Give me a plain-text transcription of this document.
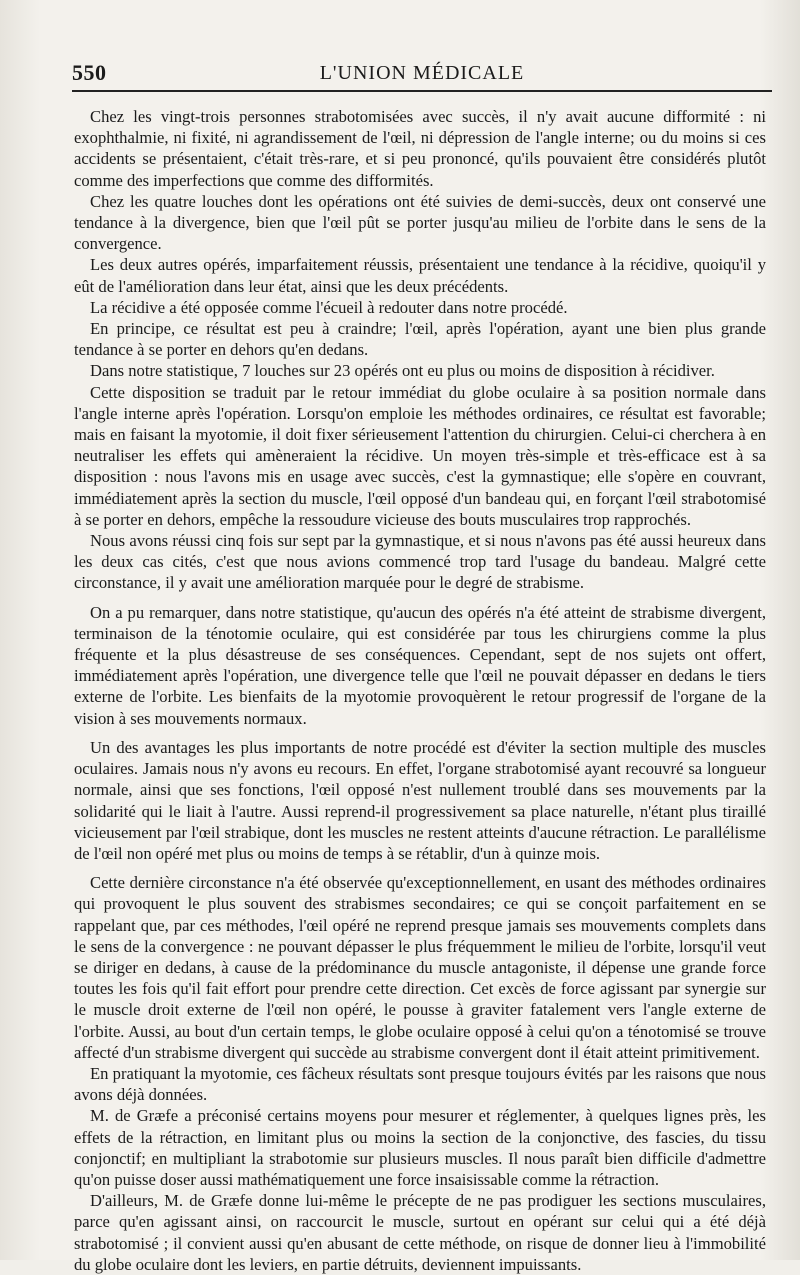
550	L'UNION MÉDICALE

Chez les vingt-trois personnes strabotomisées avec succès, il n'y avait aucune difformité : ni exophthalmie, ni fixité, ni agrandissement de l'œil, ni dépression de l'angle interne; ou du moins si ces accidents se présentaient, c'était très-rare, et si peu prononcé, qu'ils pouvaient être considérés plutôt comme des imperfections que comme des difformités.

Chez les quatre louches dont les opérations ont été suivies de demi-succès, deux ont conservé une tendance à la divergence, bien que l'œil pût se porter jusqu'au milieu de l'orbite dans le sens de la convergence.

Les deux autres opérés, imparfaitement réussis, présentaient une tendance à la récidive, quoiqu'il y eût de l'amélioration dans leur état, ainsi que les deux précédents.

La récidive a été opposée comme l'écueil à redouter dans notre procédé.

En principe, ce résultat est peu à craindre; l'œil, après l'opération, ayant une bien plus grande tendance à se porter en dehors qu'en dedans.

Dans notre statistique, 7 louches sur 23 opérés ont eu plus ou moins de disposition à récidiver.

Cette disposition se traduit par le retour immédiat du globe oculaire à sa position normale dans l'angle interne après l'opération. Lorsqu'on emploie les méthodes ordinaires, ce résultat est favorable; mais en faisant la myotomie, il doit fixer sérieusement l'attention du chirurgien. Celui-ci cherchera à en neutraliser les effets qui amèneraient la récidive. Un moyen très-simple et très-efficace est à sa disposition : nous l'avons mis en usage avec succès, c'est la gymnastique; elle s'opère en couvrant, immédiatement après la section du muscle, l'œil opposé d'un bandeau qui, en forçant l'œil strabotomisé à se porter en dehors, empêche la ressoudure vicieuse des bouts musculaires trop rapprochés.

Nous avons réussi cinq fois sur sept par la gymnastique, et si nous n'avons pas été aussi heureux dans les deux cas cités, c'est que nous avions commencé trop tard l'usage du bandeau. Malgré cette circonstance, il y avait une amélioration marquée pour le degré de strabisme.

On a pu remarquer, dans notre statistique, qu'aucun des opérés n'a été atteint de strabisme divergent, terminaison de la ténotomie oculaire, qui est considérée par tous les chirurgiens comme la plus fréquente et la plus désastreuse de ses conséquences. Cependant, sept de nos sujets ont offert, immédiatement après l'opération, une divergence telle que l'œil ne pouvait dépasser en dedans le tiers externe de l'orbite. Les bienfaits de la myotomie provoquèrent le retour progressif de l'organe de la vision à ses mouvements normaux.

Un des avantages les plus importants de notre procédé est d'éviter la section multiple des muscles oculaires. Jamais nous n'y avons eu recours. En effet, l'organe strabotomisé ayant recouvré sa longueur normale, ainsi que ses fonctions, l'œil opposé n'est nullement troublé dans ses mouvements par la solidarité qui le liait à l'autre. Aussi reprend-il progressivement sa place naturelle, n'étant plus tiraillé vicieusement par l'œil strabique, dont les muscles ne restent atteints d'aucune rétraction. Le parallélisme de l'œil non opéré met plus ou moins de temps à se rétablir, d'un à quinze mois.

Cette dernière circonstance n'a été observée qu'exceptionnellement, en usant des méthodes ordinaires qui provoquent le plus souvent des strabismes secondaires; ce qui se conçoit parfaitement en se rappelant que, par ces méthodes, l'œil opéré ne reprend presque jamais ses mouvements complets dans le sens de la convergence : ne pouvant dépasser le plus fréquemment le milieu de l'orbite, lorsqu'il veut se diriger en dedans, à cause de la prédominance du muscle antagoniste, il dépense une grande force toutes les fois qu'il fait effort pour prendre cette direction. Cet excès de force agissant par synergie sur le muscle droit externe de l'œil non opéré, le pousse à graviter fatalement vers l'angle externe de l'orbite. Aussi, au bout d'un certain temps, le globe oculaire opposé à celui qu'on a ténotomisé se trouve affecté d'un strabisme divergent qui succède au strabisme convergent dont il était atteint primitivement.

En pratiquant la myotomie, ces fâcheux résultats sont presque toujours évités par les raisons que nous avons déjà données.

M. de Græfe a préconisé certains moyens pour mesurer et réglementer, à quelques lignes près, les effets de la rétraction, en limitant plus ou moins la section de la conjonctive, des fascies, du tissu conjonctif; en multipliant la strabotomie sur plusieurs muscles. Il nous paraît bien difficile d'admettre qu'on puisse doser aussi mathématiquement une force insaisissable comme la rétraction.

D'ailleurs, M. de Græfe donne lui-même le précepte de ne pas prodiguer les sections musculaires, parce qu'en agissant ainsi, on raccourcit le muscle, surtout en opérant sur celui qui a été déjà strabotomisé ; il convient aussi qu'en abusant de cette méthode, on risque de donner lieu à l'immobilité du globe oculaire dont les leviers, en partie détruits, deviennent impuissants.
